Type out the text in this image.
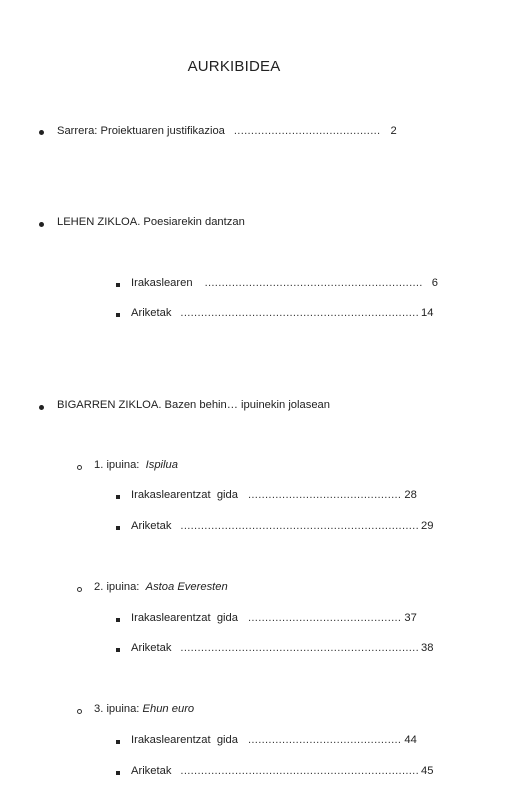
AURKIBIDEA
Sarrera: Proiektuaren justifikazioa ........................................... 2
LEHEN ZIKLOA. Poesiarekin dantzan
Irakaslearen ................................................................ 6
Ariketak ...................................................................... 14
BIGARREN ZIKLOA. Bazen behin… ipuinekin jolasean
1. ipuina: Ispilua
Irakaslearentzat  gida ............................................. 28
Ariketak ...................................................................... 29
2. ipuina: Astoa Everesten
Irakaslearentzat  gida ............................................. 37
Ariketak ...................................................................... 38
3. ipuina: Ehun euro
Irakaslearentzat  gida ............................................. 44
Ariketak ...................................................................... 45
